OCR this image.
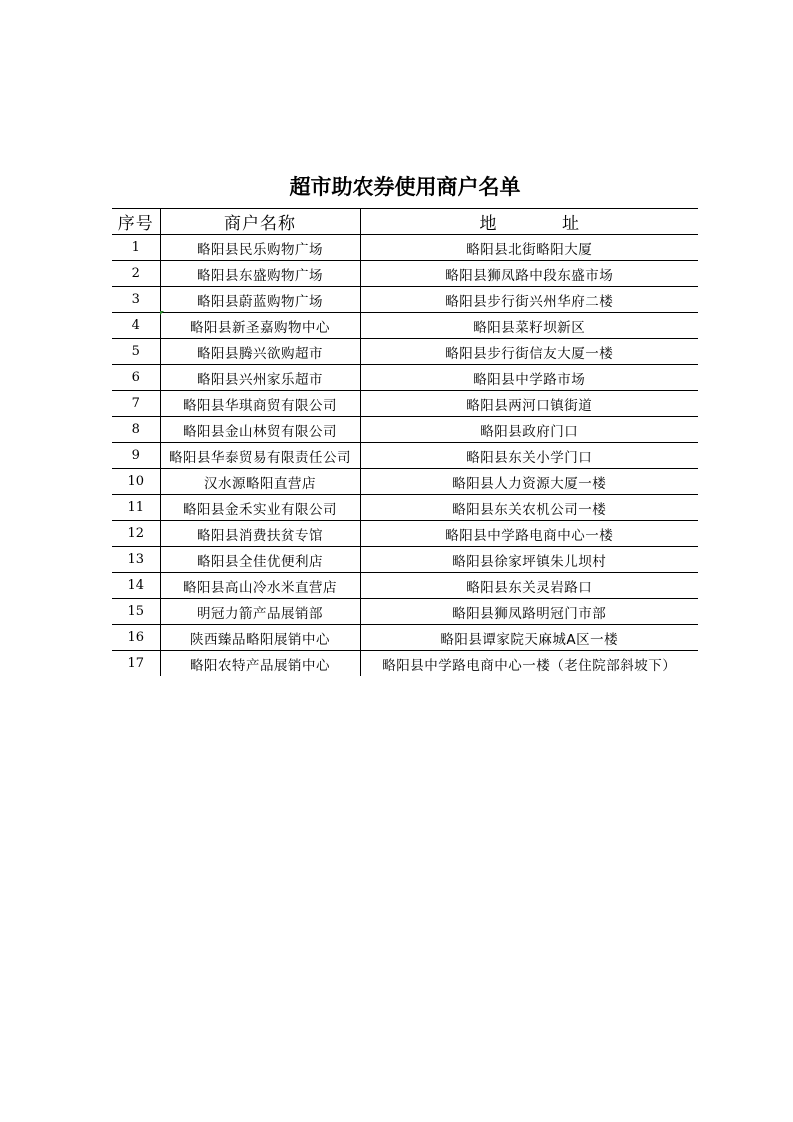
超市助农券使用商户名单
序号	商户名称	地 址
1	略阳县民乐购物广场	略阳县北街略阳大厦
2	略阳县东盛购物广场	略阳县狮凤路中段东盛市场
3	略阳县蔚蓝购物广场	略阳县步行街兴州华府二楼
4	略阳县新圣嘉购物中心	略阳县菜籽坝新区
5	略阳县腾兴欲购超市	略阳县步行街信友大厦一楼
6	略阳县兴州家乐超市	略阳县中学路市场
7	略阳县华琪商贸有限公司	略阳县两河口镇街道
8	略阳县金山林贸有限公司	略阳县政府门口
9	略阳县华泰贸易有限责任公司	略阳县东关小学门口
10	汉水源略阳直营店	略阳县人力资源大厦一楼
11	略阳县金禾实业有限公司	略阳县东关农机公司一楼
12	略阳县消费扶贫专馆	略阳县中学路电商中心一楼
13	略阳县全佳优便利店	略阳县徐家坪镇朱儿坝村
14	略阳县高山冷水米直营店	略阳县东关灵岩路口
15	明冠力箭产品展销部	略阳县狮凤路明冠门市部
16	陕西臻品略阳展销中心	略阳县谭家院天麻城A区一楼
17	略阳农特产品展销中心	略阳县中学路电商中心一楼（老住院部斜坡下）
